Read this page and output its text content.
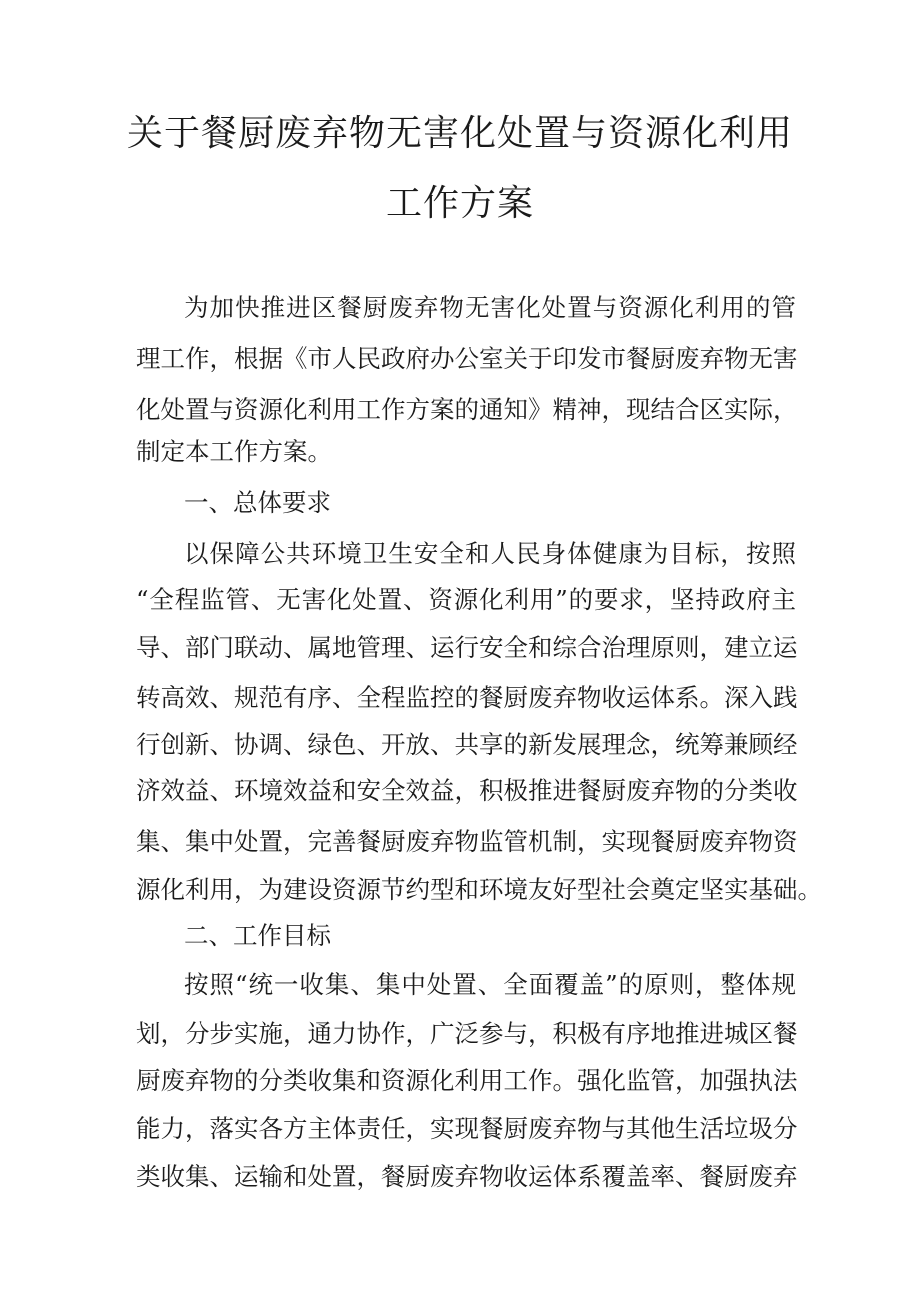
关于餐厨废弃物无害化处置与资源化利用
工作方案
为加快推进区餐厨废弃物无害化处置与资源化利用的管
理工作，根据《市人民政府办公室关于印发市餐厨废弃物无害
化处置与资源化利用工作方案的通知》精神，现结合区实际，
制定本工作方案。
一、总体要求
以保障公共环境卫生安全和人民身体健康为目标，按照
“全程监管、无害化处置、资源化利用”的要求，坚持政府主
导、部门联动、属地管理、运行安全和综合治理原则，建立运
转高效、规范有序、全程监控的餐厨废弃物收运体系。深入践
行创新、协调、绿色、开放、共享的新发展理念，统筹兼顾经
济效益、环境效益和安全效益，积极推进餐厨废弃物的分类收
集、集中处置，完善餐厨废弃物监管机制，实现餐厨废弃物资
源化利用，为建设资源节约型和环境友好型社会奠定坚实基础。
二、工作目标
按照“统一收集、集中处置、全面覆盖”的原则，整体规
划，分步实施，通力协作，广泛参与，积极有序地推进城区餐
厨废弃物的分类收集和资源化利用工作。强化监管，加强执法
能力，落实各方主体责任，实现餐厨废弃物与其他生活垃圾分
类收集、运输和处置，餐厨废弃物收运体系覆盖率、餐厨废弃
